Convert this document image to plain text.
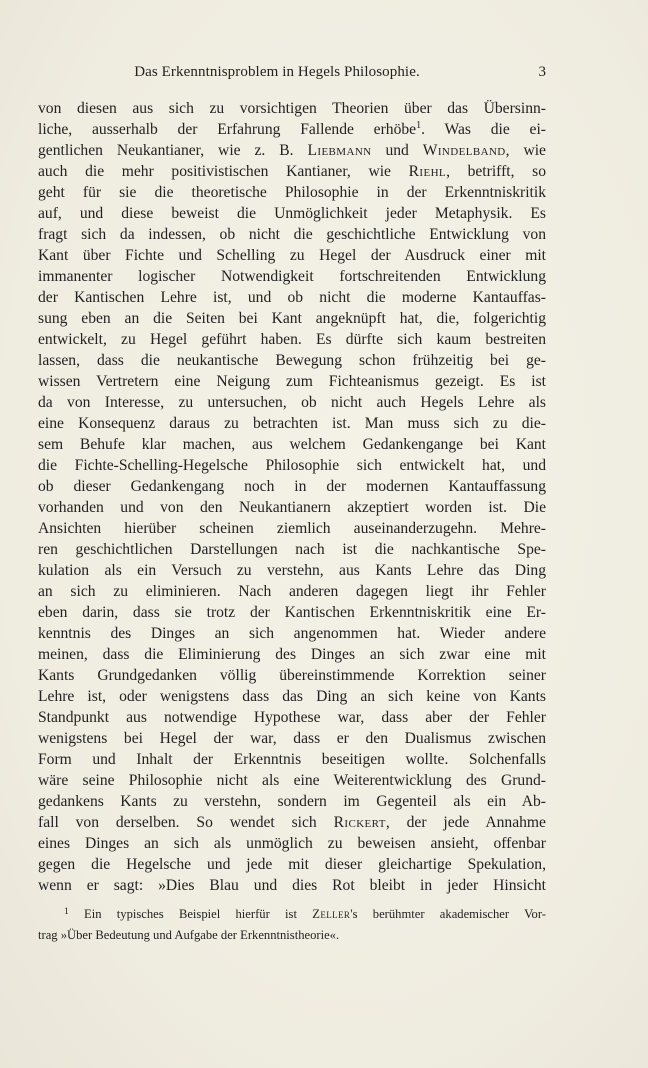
Das Erkenntnisproblem in Hegels Philosophie.	3
von diesen aus sich zu vorsichtigen Theorien über das Übersinn-
liche, ausserhalb der Erfahrung Fallende erhöbe$^1$. Was die ei-
gentlichen Neukantianer, wie z. B. Liebmann und Windelband, wie
auch die mehr positivistischen Kantianer, wie Riehl, betrifft, so
geht für sie die theoretische Philosophie in der Erkenntniskritik
auf, und diese beweist die Unmöglichkeit jeder Metaphysik. Es
fragt sich da indessen, ob nicht die geschichtliche Entwicklung von
Kant über Fichte und Schelling zu Hegel der Ausdruck einer mit
immanenter logischer Notwendigkeit fortschreitenden Entwicklung
der Kantischen Lehre ist, und ob nicht die moderne Kantauffas-
sung eben an die Seiten bei Kant angeknüpft hat, die, folgerichtig
entwickelt, zu Hegel geführt haben. Es dürfte sich kaum bestreiten
lassen, dass die neukantische Bewegung schon frühzeitig bei ge-
wissen Vertretern eine Neigung zum Fichteanismus gezeigt. Es ist
da von Interesse, zu untersuchen, ob nicht auch Hegels Lehre als
eine Konsequenz daraus zu betrachten ist. Man muss sich zu die-
sem Behufe klar machen, aus welchem Gedankengange bei Kant
die Fichte-Schelling-Hegelsche Philosophie sich entwickelt hat, und
ob dieser Gedankengang noch in der modernen Kantauffassung
vorhanden und von den Neukantianern akzeptiert worden ist. Die
Ansichten hierüber scheinen ziemlich auseinanderzugehn. Mehre-
ren geschichtlichen Darstellungen nach ist die nachkantische Spe-
kulation als ein Versuch zu verstehn, aus Kants Lehre das Ding
an sich zu eliminieren. Nach anderen dagegen liegt ihr Fehler
eben darin, dass sie trotz der Kantischen Erkenntniskritik eine Er-
kenntnis des Dinges an sich angenommen hat. Wieder andere
meinen, dass die Eliminierung des Dinges an sich zwar eine mit
Kants Grundgedanken völlig übereinstimmende Korrektion seiner
Lehre ist, oder wenigstens dass das Ding an sich keine von Kants
Standpunkt aus notwendige Hypothese war, dass aber der Fehler
wenigstens bei Hegel der war, dass er den Dualismus zwischen
Form und Inhalt der Erkenntnis beseitigen wollte. Solchenfalls
wäre seine Philosophie nicht als eine Weiterentwicklung des Grund-
gedankens Kants zu verstehn, sondern im Gegenteil als ein Ab-
fall von derselben. So wendet sich Rickert, der jede Annahme
eines Dinges an sich als unmöglich zu beweisen ansieht, offenbar
gegen die Hegelsche und jede mit dieser gleichartige Spekulation,
wenn er sagt: »Dies Blau und dies Rot bleibt in jeder Hinsicht
$^1$ Ein typisches Beispiel hierfür ist Zeller's berühmter akademischer Vor-
trag »Über Bedeutung und Aufgabe der Erkenntnistheorie«.
